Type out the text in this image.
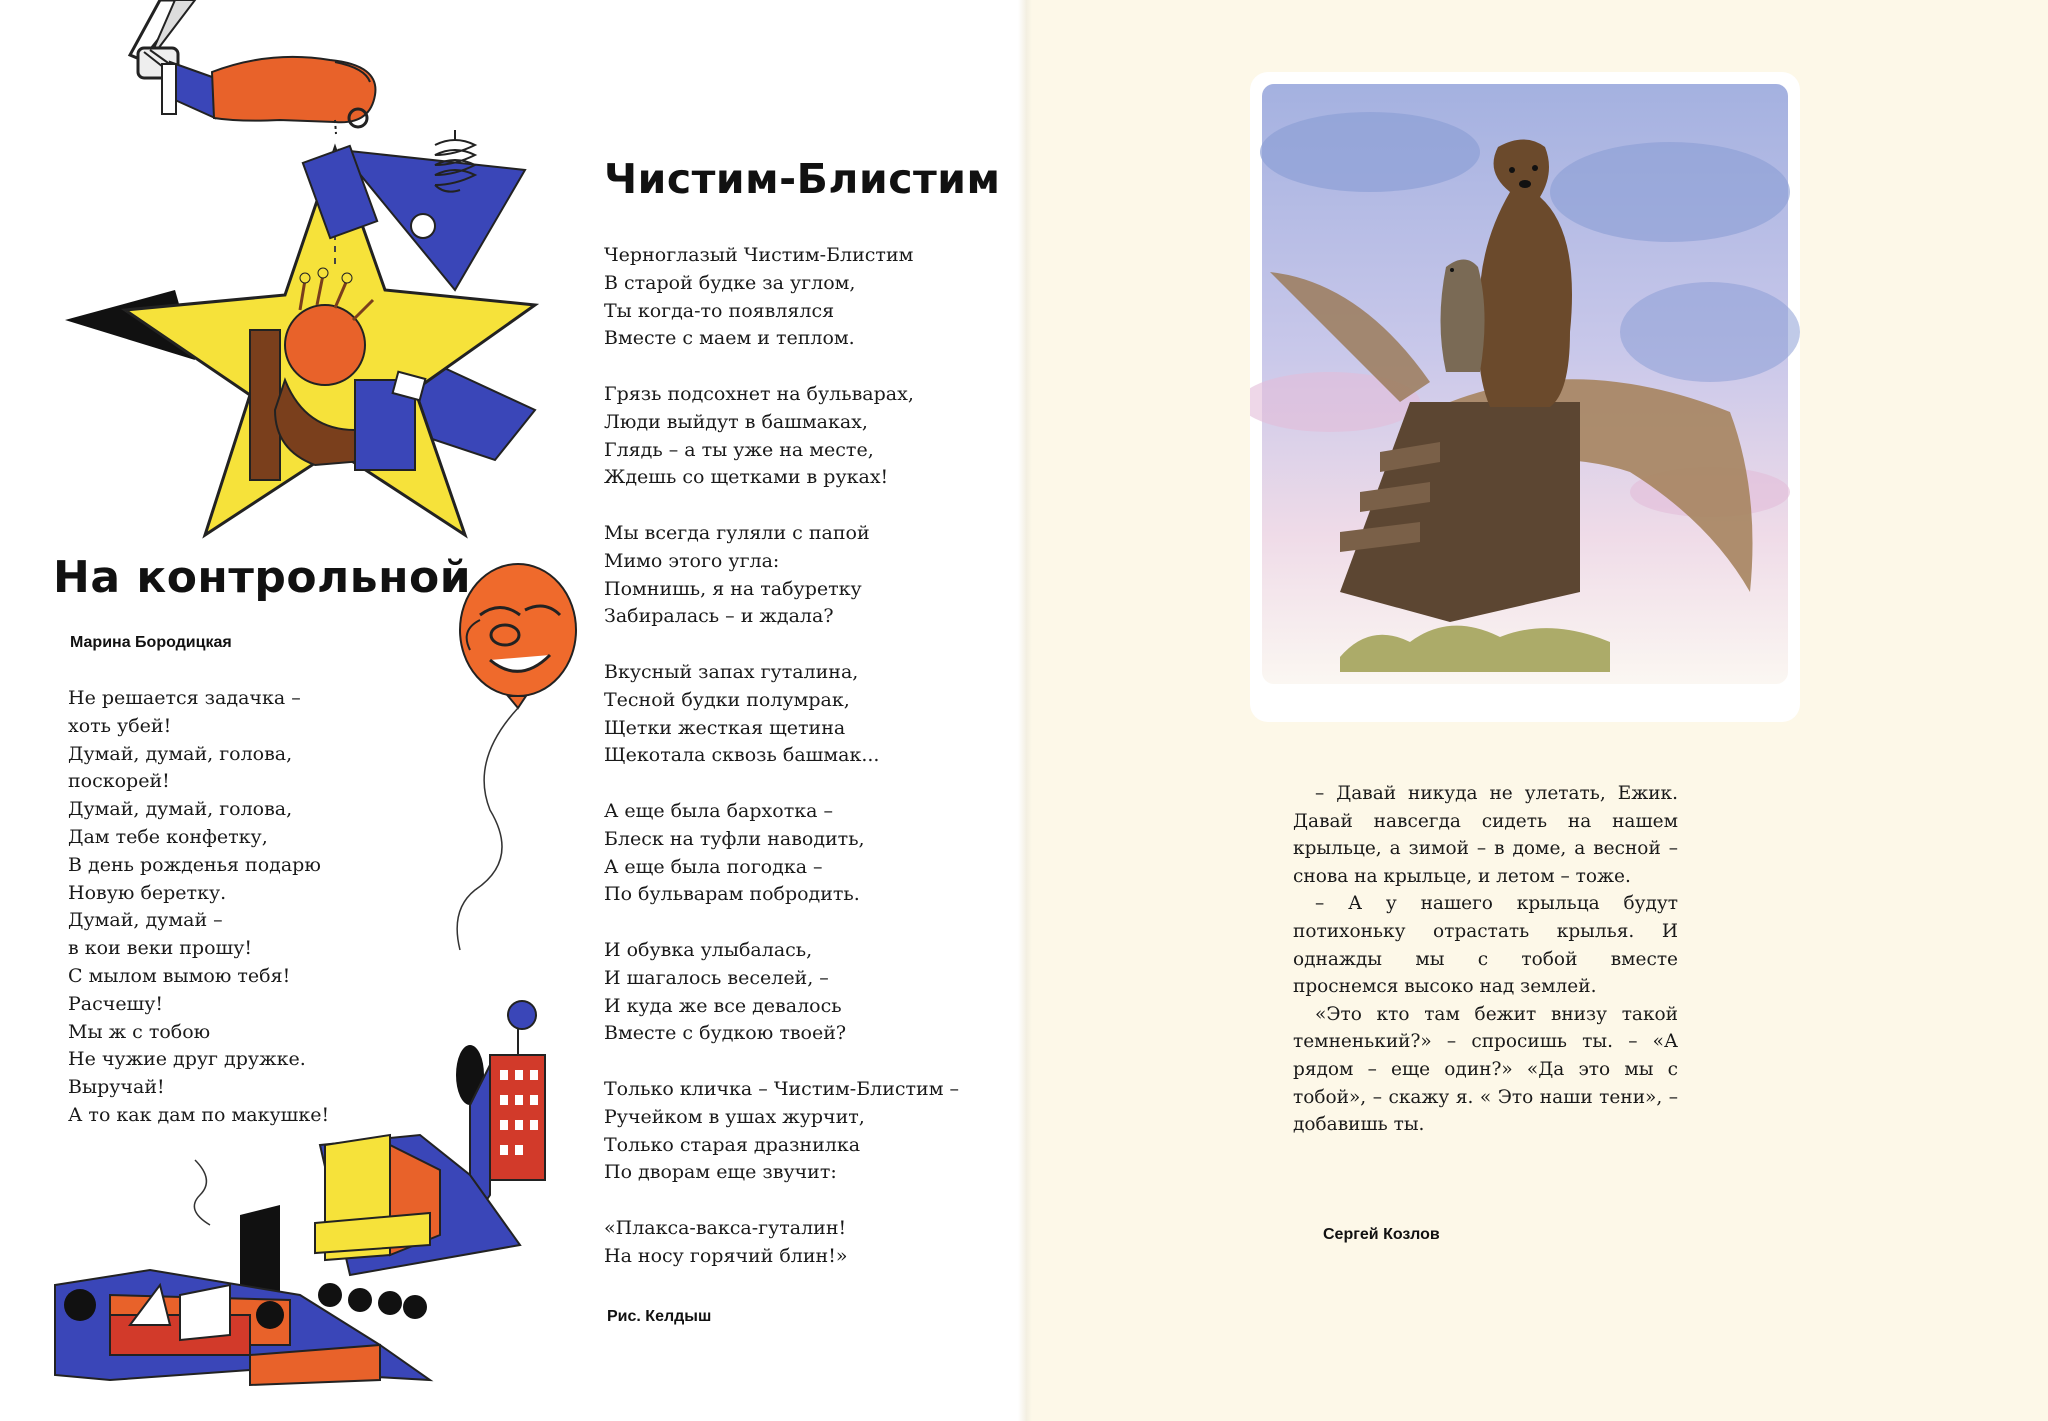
На контрольной
Марина Бородицкая
Не решается задачка –
хоть убей!
Думай, думай, голова,
поскорей!
Думай, думай, голова,
Дам тебе конфетку,
В день рожденья подарю
Новую беретку.
Думай, думай –
в кои веки прошу!
С мылом вымою тебя!
Расчешу!
Мы ж с тобою
Не чужие друг дружке.
Выручай!
А то как дам по макушке!
Чистим-Блистим
Черноглазый Чистим-Блистим
В старой будке за углом,
Ты когда-то появлялся
Вместе с маем и теплом.
Грязь подсохнет на бульварах,
Люди выйдут в башмаках,
Глядь – а ты уже на месте,
Ждешь со щетками в руках!
Мы всегда гуляли с папой
Мимо этого угла:
Помнишь, я на табуретку
Забиралась – и ждала?
Вкусный запах гуталина,
Тесной будки полумрак,
Щетки жесткая щетина
Щекотала сквозь башмак...
А еще была бархотка –
Блеск на туфли наводить,
А еще была погодка –
По бульварам побродить.
И обувка улыбалась,
И шагалось веселей, –
И куда же все девалось
Вместе с будкою твоей?
Только кличка – Чистим-Блистим –
Ручейком в ушах журчит,
Только старая дразнилка
По дворам еще звучит:
«Плакса-вакса-гуталин!
На носу горячий блин!»
Рис. Келдыш

– Давай никуда не улетать, Ежик. Давай навсегда сидеть на нашем крыльце, а зимой – в доме, а весной – снова на крыльце, и летом – тоже.

– А у нашего крыльца будут потихоньку отрастать крылья. И однажды мы с тобой вместе проснемся высоко над землей.

«Это кто там бежит внизу такой темненький?» – спросишь ты. – «А рядом – еще один?» «Да это мы с тобой», – скажу я. « Это наши тени», – добавишь ты.

Сергей Козлов
